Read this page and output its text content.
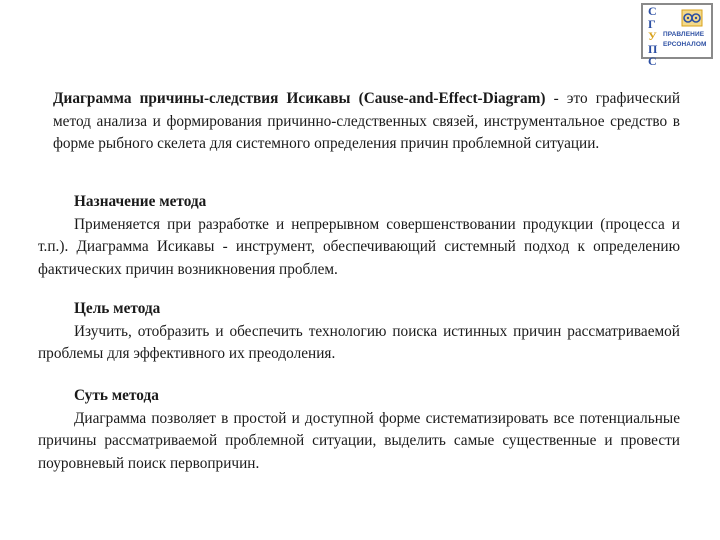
С
Г
У
П
С
ПРАВЛЕНИЕ
ЕРСОНАЛОМ

Диаграмма причины-следствия Исикавы (Cause-and-Effect-Diagram) - это графический метод анализа и формирования причинно-следственных связей, инструментальное средство в форме рыбного скелета для системного определения причин проблемной ситуации.

Назначение метода
Применяется при разработке и непрерывном совершенствовании продукции (процесса и т.п.). Диаграмма Исикавы - инструмент, обеспечивающий системный подход к определению фактических причин возникновения проблем.
Цель метода
Изучить, отобразить и обеспечить технологию поиска истинных причин рассматриваемой проблемы для эффективного их преодоления.
Суть метода
Диаграмма позволяет в простой и доступной форме систематизировать все потенциальные причины рассматриваемой проблемной ситуации, выделить самые существенные и провести поуровневый поиск первопричин.
